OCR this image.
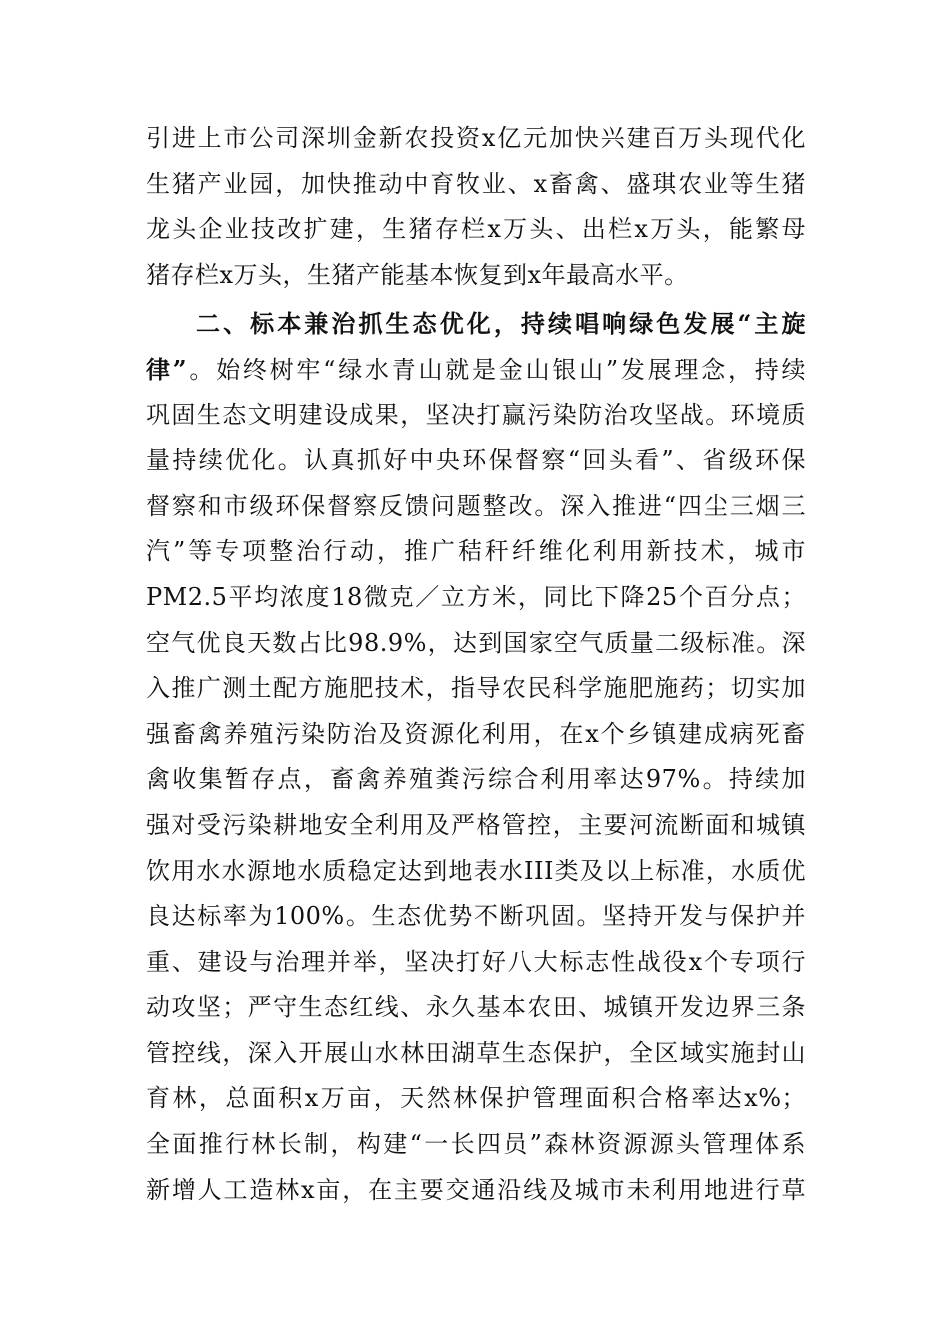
引进上市公司深圳金新农投资x亿元加快兴建百万头现代化
生猪产业园，加快推动中育牧业、x畜禽、盛琪农业等生猪
龙头企业技改扩建，生猪存栏x万头、出栏x万头，能繁母
猪存栏x万头，生猪产能基本恢复到x年最高水平。
二、标本兼治抓生态优化，持续唱响绿色发展“主旋
律”。始终树牢“绿水青山就是金山银山”发展理念，持续
巩固生态文明建设成果，坚决打赢污染防治攻坚战。环境质
量持续优化。认真抓好中央环保督察“回头看”、省级环保
督察和市级环保督察反馈问题整改。深入推进“四尘三烟三
汽”等专项整治行动，推广秸秆纤维化利用新技术，城市
PM2.5平均浓度18微克／立方米，同比下降25个百分点；
空气优良天数占比98.9%，达到国家空气质量二级标准。深
入推广测土配方施肥技术，指导农民科学施肥施药；切实加
强畜禽养殖污染防治及资源化利用，在x个乡镇建成病死畜
禽收集暂存点，畜禽养殖粪污综合利用率达97%。持续加
强对受污染耕地安全利用及严格管控，主要河流断面和城镇
饮用水水源地水质稳定达到地表水III类及以上标准，水质优
良达标率为100%。生态优势不断巩固。坚持开发与保护并
重、建设与治理并举，坚决打好八大标志性战役x个专项行
动攻坚；严守生态红线、永久基本农田、城镇开发边界三条
管控线，深入开展山水林田湖草生态保护，全区域实施封山
育林，总面积x万亩，天然林保护管理面积合格率达x%；
全面推行林长制，构建“一长四员”森林资源源头管理体系
新增人工造林x亩，在主要交通沿线及城市未利用地进行草
